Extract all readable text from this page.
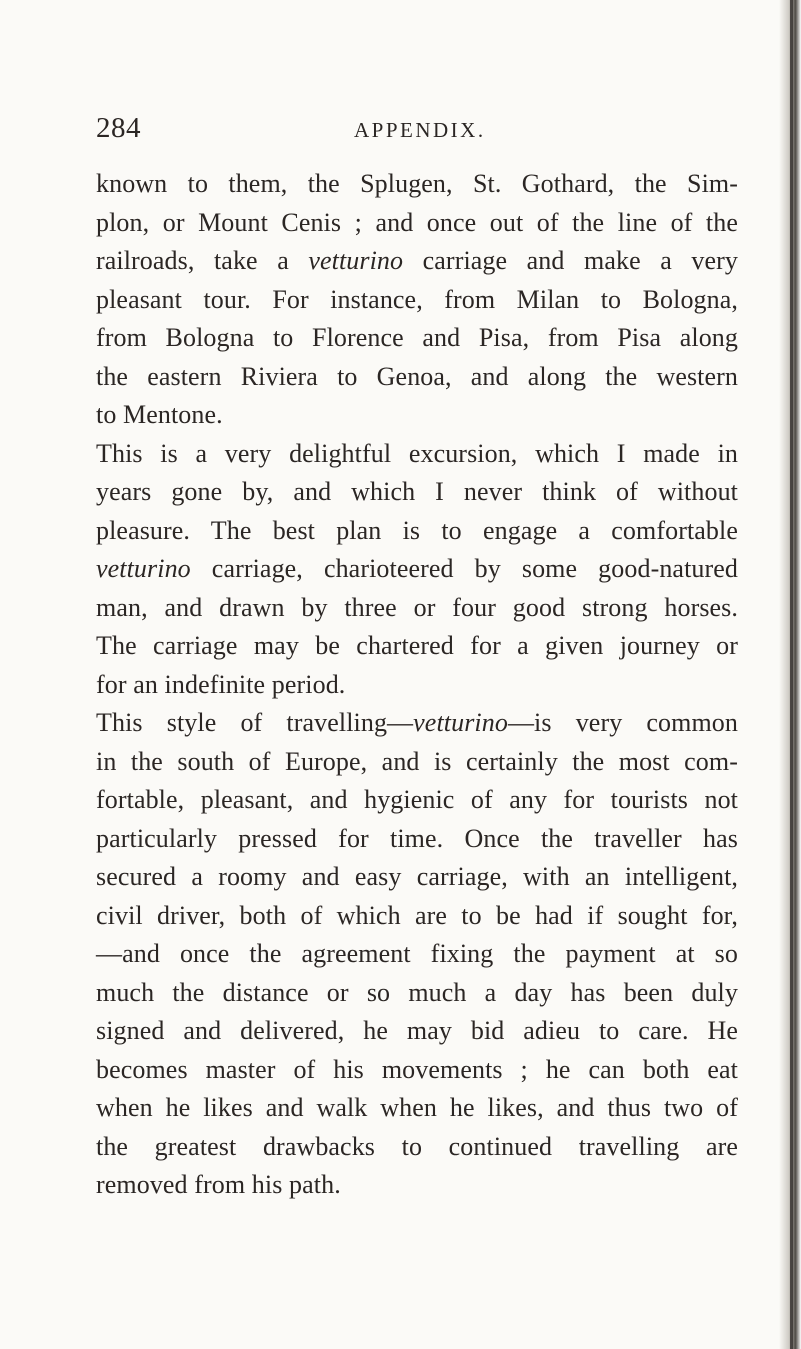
284	APPENDIX.
known to them, the Splugen, St. Gothard, the Sim-
plon, or Mount Cenis ; and once out of the line of the
railroads, take a vetturino carriage and make a very
pleasant tour. For instance, from Milan to Bologna,
from Bologna to Florence and Pisa, from Pisa along
the eastern Riviera to Genoa, and along the western
to Mentone.
This is a very delightful excursion, which I made in
years gone by, and which I never think of without
pleasure. The best plan is to engage a comfortable
vetturino carriage, charioteered by some good-natured
man, and drawn by three or four good strong horses.
The carriage may be chartered for a given journey or
for an indefinite period.
This style of travelling—vetturino—is very common
in the south of Europe, and is certainly the most com-
fortable, pleasant, and hygienic of any for tourists not
particularly pressed for time. Once the traveller has
secured a roomy and easy carriage, with an intelligent,
civil driver, both of which are to be had if sought for,
—and once the agreement fixing the payment at so
much the distance or so much a day has been duly
signed and delivered, he may bid adieu to care. He
becomes master of his movements ; he can both eat
when he likes and walk when he likes, and thus two of
the greatest drawbacks to continued travelling are
removed from his path.
